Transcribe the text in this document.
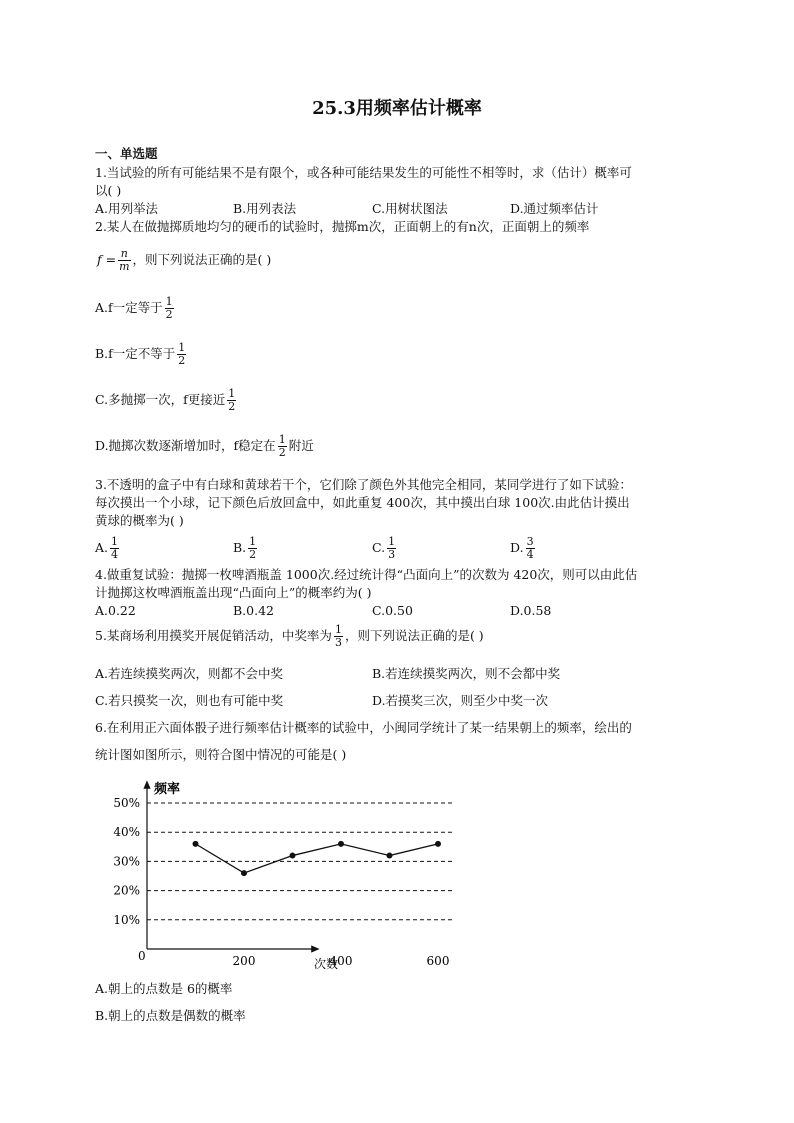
25.3用频率估计概率
一、单选题
1.当试验的所有可能结果不是有限个，或各种可能结果发生的可能性不相等时，求（估计）概率可
以( )
A.用列举法	B.用列表法	C.用树状图法	D.通过频率估计
2.某人在做抛掷质地均匀的硬币的试验时，抛掷m次，正面朝上的有n次，正面朝上的频率
$f = \frac{n}{m}$ ，则下列说法正确的是( )
A.f一定等于 $\frac{1}{2}$
B.f一定不等于 $\frac{1}{2}$
C.多抛掷一次，f更接近 $\frac{1}{2}$
D.抛掷次数逐渐增加时，f稳定在 $\frac{1}{2}$ 附近
3.不透明的盒子中有白球和黄球若干个，它们除了颜色外其他完全相同，某同学进行了如下试验：
每次摸出一个小球，记下颜色后放回盒中，如此重复 400次，其中摸出白球 100次.由此估计摸出
黄球的概率为( )
A. $\frac{1}{4}$	B. $\frac{1}{2}$	C. $\frac{1}{3}$	D. $\frac{3}{4}$
4.做重复试验：抛掷一枚啤酒瓶盖 1000次.经过统计得“凸面向上”的次数为 420次，则可以由此估
计抛掷这枚啤酒瓶盖出现“凸面向上”的概率约为( )
A.0.22	B.0.42	C.0.50	D.0.58
5.某商场利用摸奖开展促销活动，中奖率为 $\frac{1}{3}$ ，则下列说法正确的是( )
A.若连续摸奖两次，则都不会中奖	B.若连续摸奖两次，则不会都中奖
C.若只摸奖一次，则也有可能中奖	D.若摸奖三次，则至少中奖一次
6.在利用正六面体骰子进行频率估计概率的试验中，小闽同学统计了某一结果朝上的频率，绘出的
统计图如图所示，则符合图中情况的可能是( )
频率
次数
0
10%
20%
30%
40%
50%
200	400	600
A.朝上的点数是 6的概率
B.朝上的点数是偶数的概率
